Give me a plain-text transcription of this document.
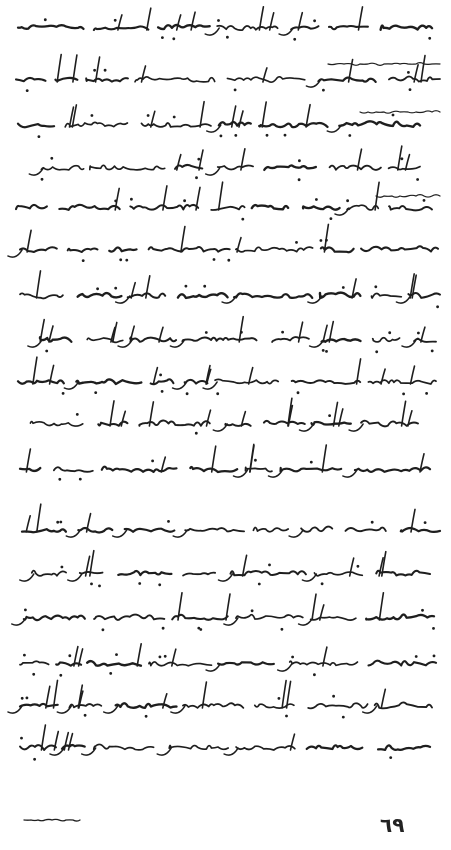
٦٩
